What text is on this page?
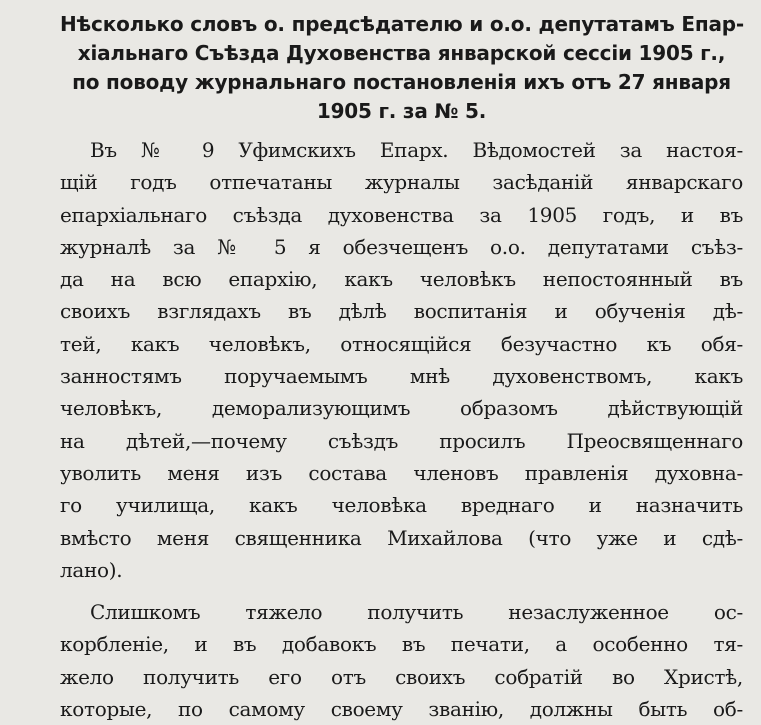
Нѣсколько словъ о. предсѣдателю и о.о. депутатамъ Епар-
хіальнаго Съѣзда Духовенства январской сессіи 1905 г.,
по поводу журнальнаго постановленія ихъ отъ 27 января
1905 г. за № 5.
Въ № 9 Уфимскихъ Епарх. Вѣдомостей за настоя-
щій годъ отпечатаны журналы засѣданій январскаго
епархіальнаго съѣзда духовенства за 1905 годъ, и въ
журналѣ за № 5 я обезчещенъ о.о. депутатами съѣз-
да на всю епархію, какъ человѣкъ непостоянный въ
своихъ взглядахъ въ дѣлѣ воспитанія и обученія дѣ-
тей, какъ человѣкъ, относящійся безучастно къ обя-
занностямъ поручаемымъ мнѣ духовенствомъ, какъ
человѣкъ, деморализующимъ образомъ дѣйствующій
на дѣтей,—почему съѣздъ просилъ Преосвященнаго
уволить меня изъ состава членовъ правленія духовна-
го училища, какъ человѣка вреднаго и назначить
вмѣсто меня священника Михайлова (что уже и сдѣ-
лано).
Слишкомъ тяжело получить незаслуженное ос-
корбленіе, и въ добавокъ въ печати, а особенно тя-
жело получить его отъ своихъ собратій во Христѣ,
которые, по самому своему званію, должны быть об-
